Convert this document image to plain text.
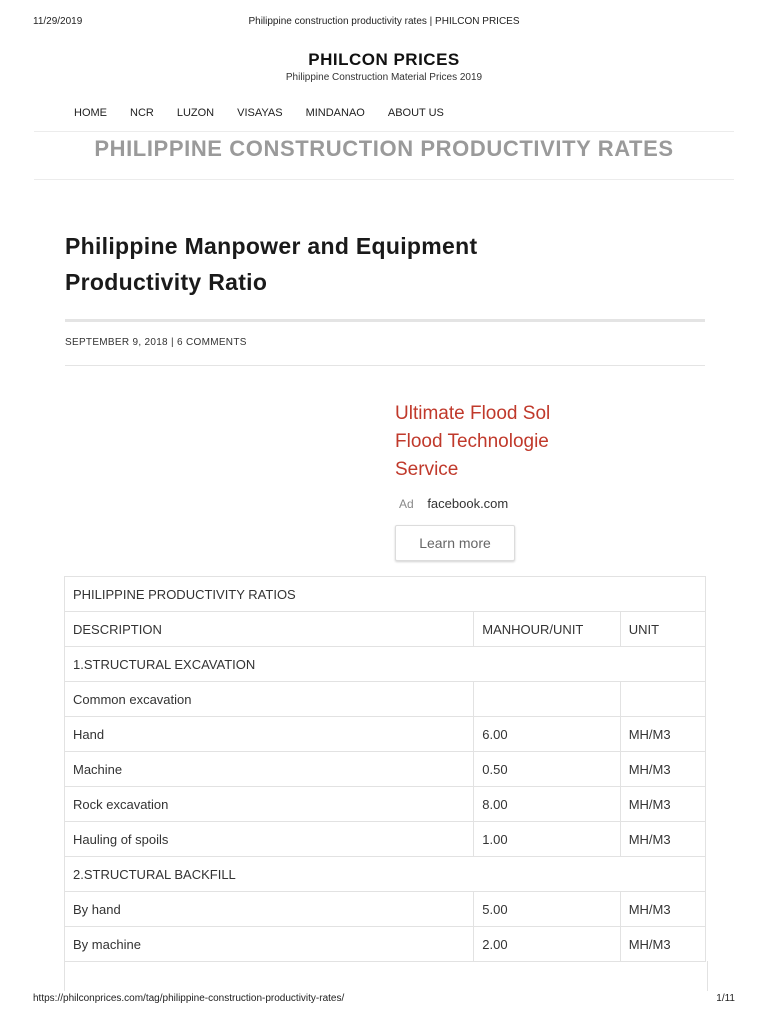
11/29/2019	Philippine construction productivity rates | PHILCON PRICES
PHILCON PRICES
Philippine Construction Material Prices 2019
HOME NCR LUZON VISAYAS MINDANAO ABOUT US
PHILIPPINE CONSTRUCTION PRODUCTIVITY RATES
Philippine Manpower and Equipment
Productivity Ratio
SEPTEMBER 9, 2018 | 6 COMMENTS
Ultimate Flood Sol
Flood Technologie
Service
Ad facebook.com
Learn more
PHILIPPINE PRODUCTIVITY RATIOS		
DESCRIPTION	MANHOUR/UNIT	UNIT
1.STRUCTURAL EXCAVATION		
Common excavation		
Hand	6.00	MH/M3
Machine	0.50	MH/M3
Rock excavation	8.00	MH/M3
Hauling of spoils	1.00	MH/M3
2.STRUCTURAL BACKFILL		
By hand	5.00	MH/M3
By machine	2.00	MH/M3
https://philconprices.com/tag/philippine-construction-productivity-rates/	1/11
